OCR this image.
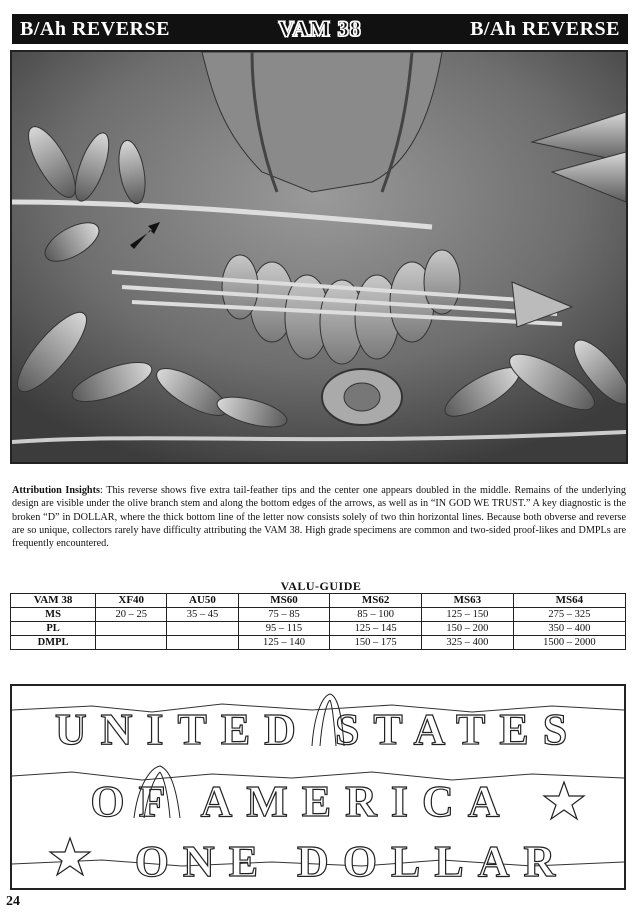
B/Ah REVERSE	VAM 38	B/Ah REVERSE
Attribution Insights: This reverse shows five extra tail-feather tips and the center one appears doubled in the middle. Remains of the underlying design are visible under the olive branch stem and along the bottom edges of the arrows, as well as in “IN GOD WE TRUST.” A key diagnostic is the broken “D” in DOLLAR, where the thick bottom line of the letter now consists solely of two thin horizontal lines. Because both obverse and reverse are so unique, collectors rarely have difficulty attributing the VAM 38. High grade specimens are common and two-sided proof-likes and DMPLs are frequently encountered.
VALU-GUIDE
VAM 38	XF40	AU50	MS60	MS62	MS63	MS64
MS	20 – 25	35 – 45	75 – 85	85 – 100	125 – 150	275 – 325
PL			95 – 115	125 – 145	150 – 200	350 – 400
DMPL			125 – 140	150 – 175	325 – 400	1500 – 2000
UNITED STATES
OF AMERICA
ONE DOLLAR
24
